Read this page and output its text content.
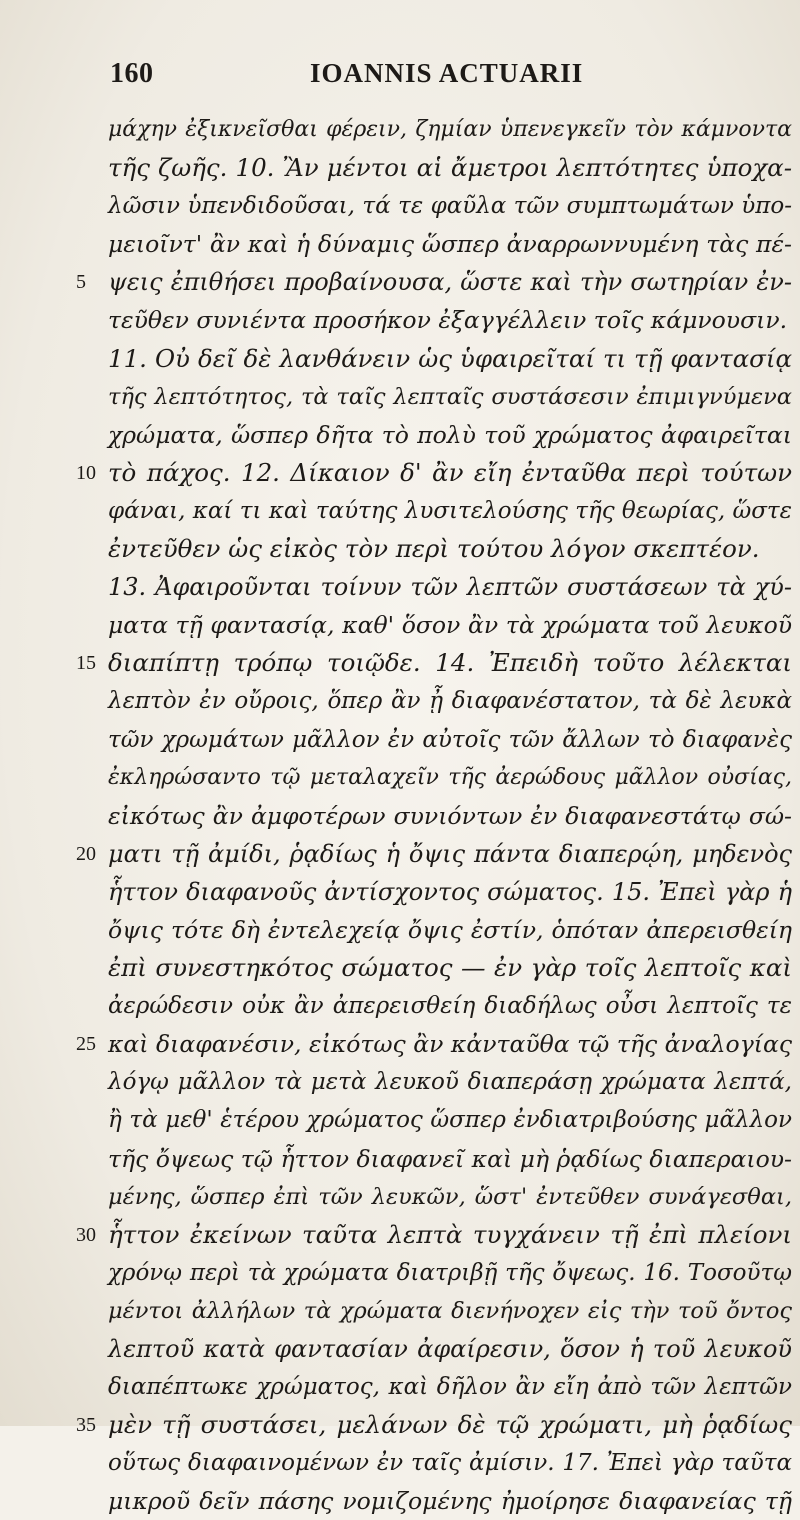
160	IOANNIS ACTUARII
μάχην ἐξικνεῖσθαι φέρειν, ζημίαν ὑπενεγκεῖν τὸν κάμνοντα
τῆς ζωῆς. 10. Ἂν μέντοι αἱ ἄμετροι λεπτότητες ὑποχα-
λῶσιν ὑπενδιδοῦσαι, τά τε φαῦλα τῶν συμπτωμάτων ὑπο-
μειοῖντ' ἂν καὶ ἡ δύναμις ὥσπερ ἀναρρωννυμένη τὰς πέ-
5 ψεις ἐπιθήσει προβαίνουσα, ὥστε καὶ τὴν σωτηρίαν ἐν-
τεῦθεν συνιέντα προσήκον ἐξαγγέλλειν τοῖς κάμνουσιν.
11. Οὐ δεῖ δὲ λανθάνειν ὡς ὑφαιρεῖταί τι τῇ φαντασίᾳ
τῆς λεπτότητος, τὰ ταῖς λεπταῖς συστάσεσιν ἐπιμιγνύμενα
χρώματα, ὥσπερ δῆτα τὸ πολὺ τοῦ χρώματος ἀφαιρεῖται
10 τὸ πάχος. 12. Δίκαιον δ' ἂν εἴη ἐνταῦθα περὶ τούτων
φάναι, καί τι καὶ ταύτης λυσιτελούσης τῆς θεωρίας, ὥστε
ἐντεῦθεν ὡς εἰκὸς τὸν περὶ τούτου λόγον σκεπτέον.
13. Ἀφαιροῦνται τοίνυν τῶν λεπτῶν συστάσεων τὰ χύ-
ματα τῇ φαντασίᾳ, καθ' ὅσον ἂν τὰ χρώματα τοῦ λευκοῦ
15 διαπίπτῃ τρόπῳ τοιῷδε. 14. Ἐπειδὴ τοῦτο λέλεκται
λεπτὸν ἐν οὔροις, ὅπερ ἂν ᾖ διαφανέστατον, τὰ δὲ λευκὰ
τῶν χρωμάτων μᾶλλον ἐν αὐτοῖς τῶν ἄλλων τὸ διαφανὲς
ἐκληρώσαντο τῷ μεταλαχεῖν τῆς ἀερώδους μᾶλλον οὐσίας,
εἰκότως ἂν ἀμφοτέρων συνιόντων ἐν διαφανεστάτῳ σώ-
20 ματι τῇ ἀμίδι, ῥᾳδίως ἡ ὄψις πάντα διαπερῴη, μηδενὸς
ἧττον διαφανοῦς ἀντίσχοντος σώματος. 15. Ἐπεὶ γὰρ ἡ
ὄψις τότε δὴ ἐντελεχείᾳ ὄψις ἐστίν, ὁπόταν ἀπερεισθείη
ἐπὶ συνεστηκότος σώματος — ἐν γὰρ τοῖς λεπτοῖς καὶ
ἀερώδεσιν οὐκ ἂν ἀπερεισθείη διαδήλως οὖσι λεπτοῖς τε
25 καὶ διαφανέσιν, εἰκότως ἂν κἀνταῦθα τῷ τῆς ἀναλογίας
λόγῳ μᾶλλον τὰ μετὰ λευκοῦ διαπεράσῃ χρώματα λεπτά,
ἢ τὰ μεθ' ἑτέρου χρώματος ὥσπερ ἐνδιατριβούσης μᾶλλον
τῆς ὄψεως τῷ ἧττον διαφανεῖ καὶ μὴ ῥᾳδίως διαπεραιου-
μένης, ὥσπερ ἐπὶ τῶν λευκῶν, ὥστ' ἐντεῦθεν συνάγεσθαι,
30 ἧττον ἐκείνων ταῦτα λεπτὰ τυγχάνειν τῇ ἐπὶ πλείονι
χρόνῳ περὶ τὰ χρώματα διατριβῇ τῆς ὄψεως. 16. Τοσοῦτῳ
μέντοι ἀλλήλων τὰ χρώματα διενήνοχεν εἰς τὴν τοῦ ὄντος
λεπτοῦ κατὰ φαντασίαν ἀφαίρεσιν, ὅσον ἡ τοῦ λευκοῦ
διαπέπτωκε χρώματος, καὶ δῆλον ἂν εἴη ἀπὸ τῶν λεπτῶν
35 μὲν τῇ συστάσει, μελάνων δὲ τῷ χρώματι, μὴ ῥᾳδίως
οὕτως διαφαινομένων ἐν ταῖς ἀμίσιν. 17. Ἐπεὶ γὰρ ταῦτα
μικροῦ δεῖν πάσης νομιζομένης ἠμοίρησε διαφανείας τῇ
